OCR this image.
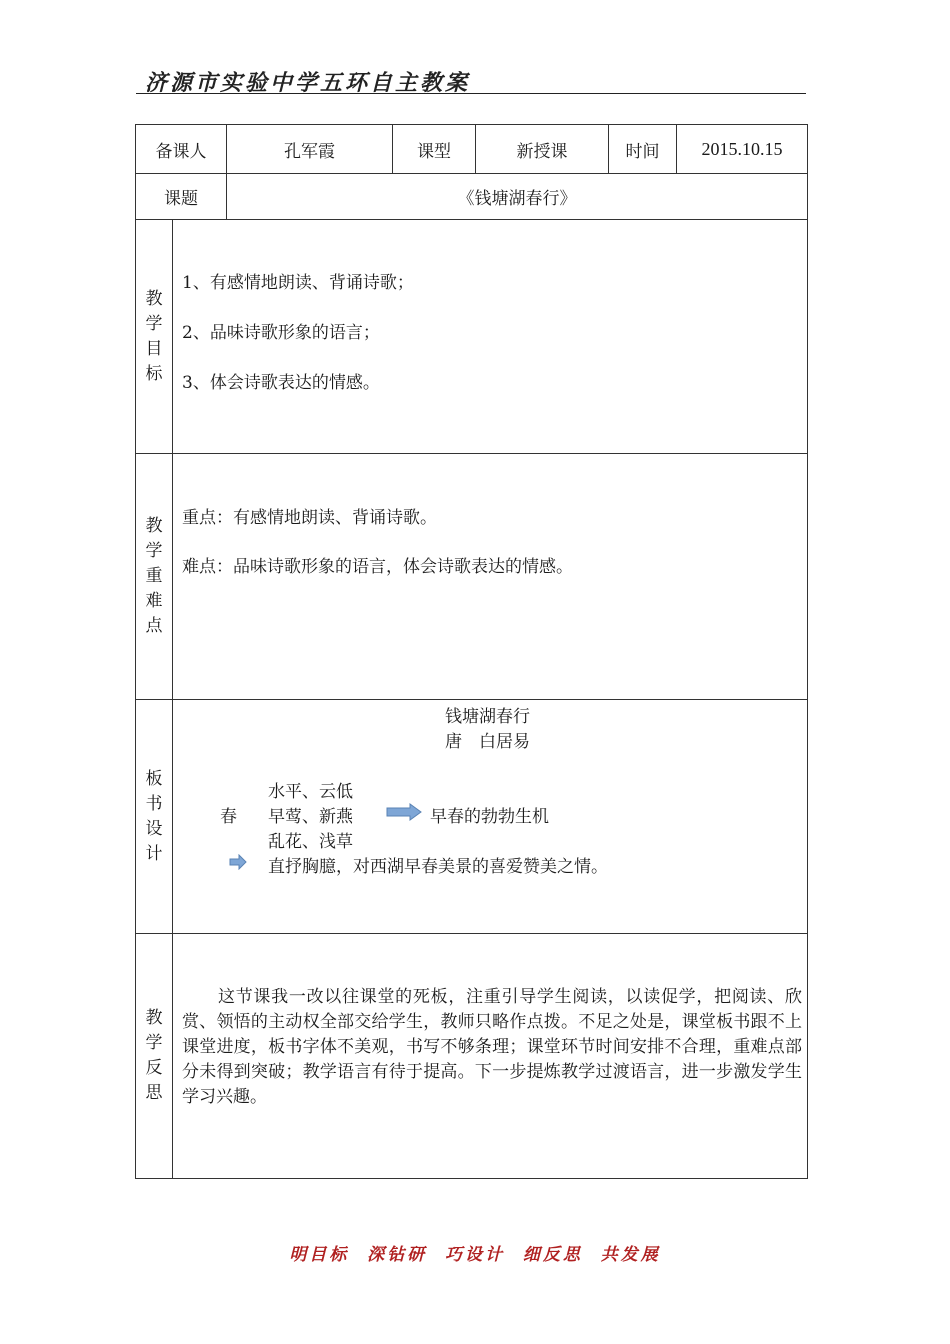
济源市实验中学五环自主教案
备课人	孔军霞	课型	新授课	时间	2015.10.15
课题	《钱塘湖春行》
教
学
目
标
1、有感情地朗读、背诵诗歌；
2、品味诗歌形象的语言；
3、体会诗歌表达的情感。
教
学
重
难
点
重点：有感情地朗读、背诵诗歌。
难点：品味诗歌形象的语言，体会诗歌表达的情感。
板
书
设
计
钱塘湖春行
唐　白居易
水平、云低
春 早莺、新燕	早春的勃勃生机
乱花、浅草
直抒胸臆，对西湖早春美景的喜爱赞美之情。
教
学
反
思
这节课我一改以往课堂的死板，注重引导学生阅读，以读促学，把阅读、欣赏、领悟的主动权全部交给学生，教师只略作点拨。不足之处是，课堂板书跟不上课堂进度，板书字体不美观，书写不够条理；课堂环节时间安排不合理，重难点部分未得到突破；教学语言有待于提高。下一步提炼教学过渡语言，进一步激发学生学习兴趣。
明目标  深钻研  巧设计  细反思  共发展
